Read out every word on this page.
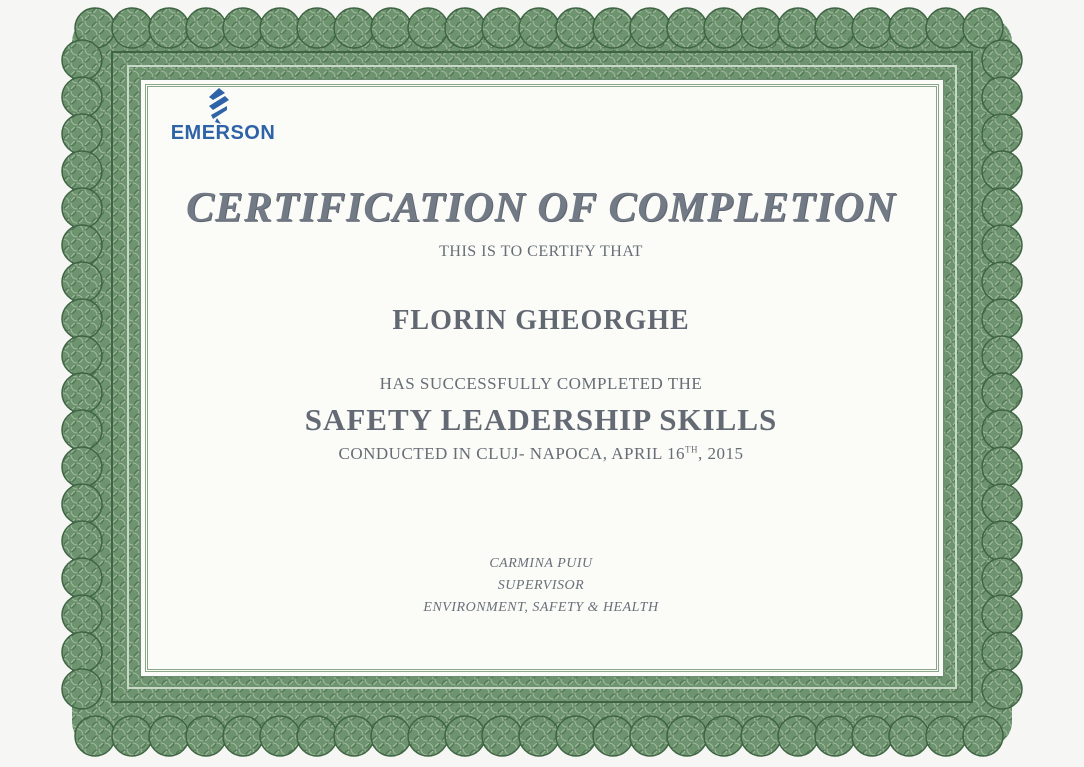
EMERSON
CERTIFICATION OF COMPLETION
THIS IS TO CERTIFY THAT
FLORIN GHEORGHE
HAS SUCCESSFULLY COMPLETED THE
SAFETY LEADERSHIP SKILLS
CONDUCTED IN CLUJ- NAPOCA, APRIL 16TH, 2015
CARMINA PUIU
SUPERVISOR
ENVIRONMENT, SAFETY & HEALTH
